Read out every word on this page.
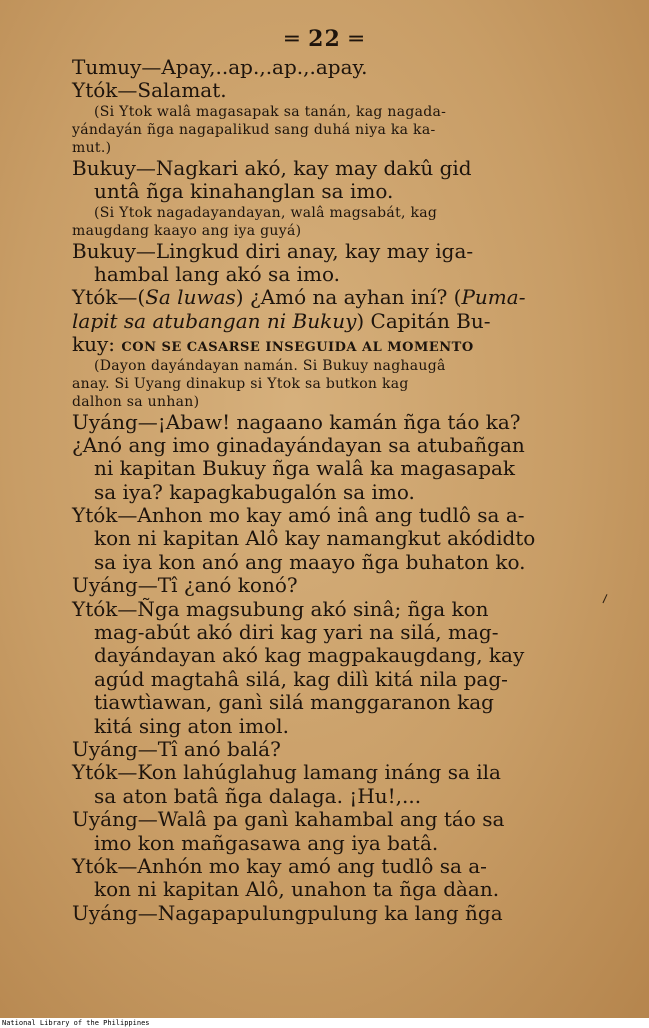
═ 22 ═
Tumuy—Apay,..ap.,.ap.,.apay.
Ytók—Salamat.
(Si Ytok walâ magasapak sa tanán, kag nagada-
yándayán ñga nagapalikud sang duhá niya ka ka-
mut.)
Bukuy—Nagkari akó, kay may dakû gid
untâ ñga kinahanglan sa imo.
(Si Ytok nagadayandayan, walâ magsabát, kag
maugdang kaayo ang iya guyá)
Bukuy—Lingkud diri anay, kay may iga-
hambal lang akó sa imo.
Ytók—(Sa luwas) ¿Amó na ayhan iní? (Puma-
lapit sa atubangan ni Bukuy) Capitán Bu-
kuy: CON SE CASARSE INSEGUIDA AL MOMENTO
(Dayon dayándayan namán. Si Bukuy naghaugâ
anay. Si Uyang dinakup si Ytok sa butkon kag
dalhon sa unhan)
Uyáng—¡Abaw! nagaano kamán ñga táo ka?
¿Anó ang imo ginadayándayan sa atubañgan
ni kapitan Bukuy ñga walâ ka magasapak
sa iya? kapagkabugalón sa imo.
Ytók—Anhon mo kay amó inâ ang tudlô sa a-
kon ni kapitan Alô kay namangkut akódidto
sa iya kon anó ang maayo ñga buhaton ko.
Uyáng—Tî ¿anó konó?
Ytók—Ñga magsubung akó sinâ; ñga kon
mag-abút akó diri kag yari na silá, mag-
dayándayan akó kag magpakaugdang, kay
agúd magtahâ silá, kag dilì kitá nila pag-
tiawtìawan, ganì silá manggaranon kag
kitá sing aton imol.
Uyáng—Tî anó balá?
Ytók—Kon lahúglahug lamang ináng sa ila
sa aton batâ ñga dalaga. ¡Hu!,...
Uyáng—Walâ pa ganì kahambal ang táo sa
imo kon mañgasawa ang iya batâ.
Ytók—Anhón mo kay amó ang tudlô sa a-
kon ni kapitan Alô, unahon ta ñga dàan.
Uyáng—Nagapapulungpulung ka lang ñga
⸍
National Library of the Philippines
